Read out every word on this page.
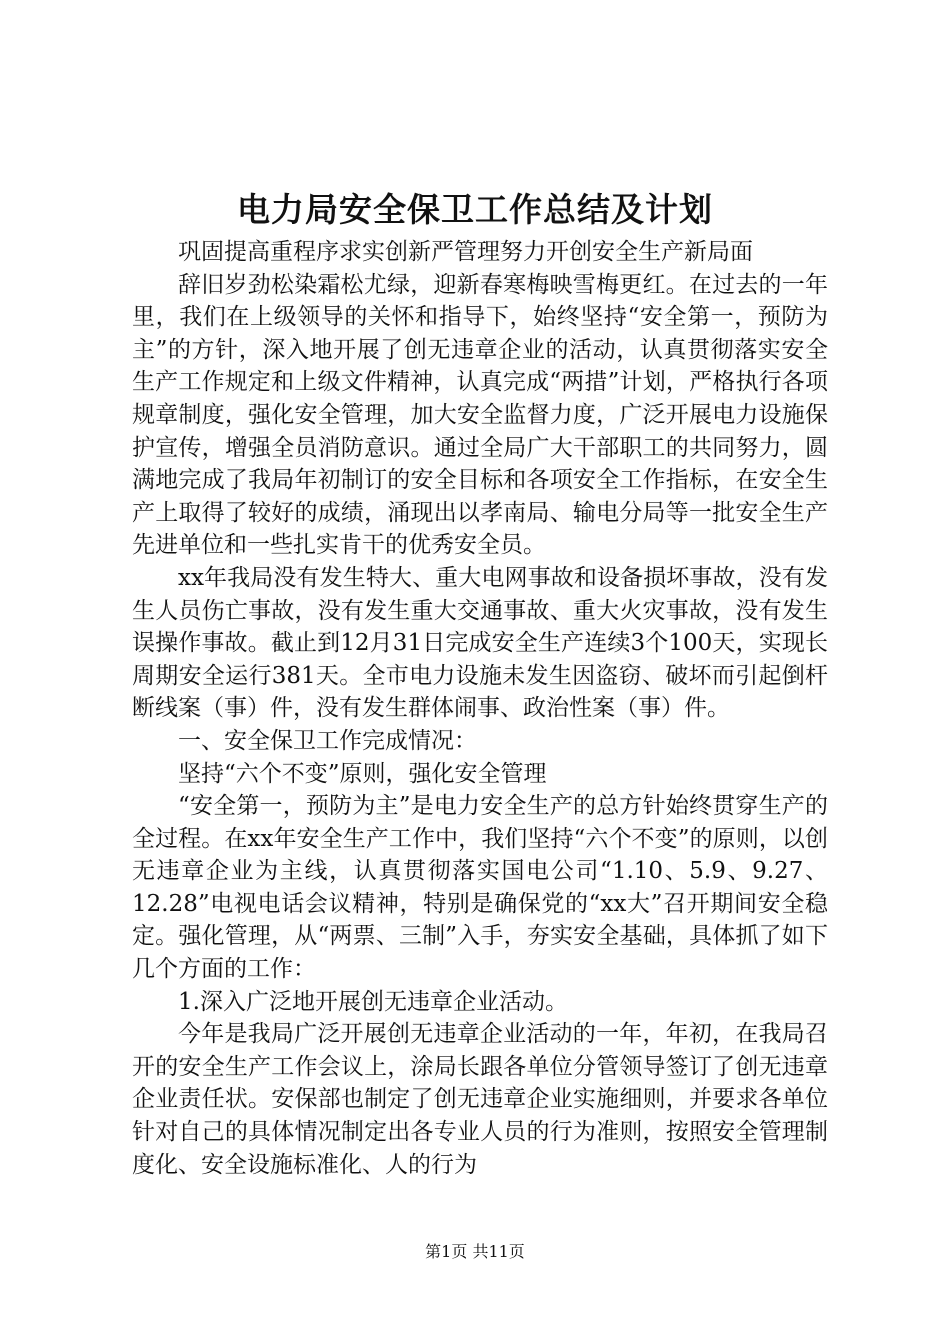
电力局安全保卫工作总结及计划

巩固提高重程序求实创新严管理努力开创安全生产新局面

辞旧岁劲松染霜松尤绿，迎新春寒梅映雪梅更红。在过去的一年里，我们在上级领导的关怀和指导下，始终坚持“安全第一，预防为主”的方针，深入地开展了创无违章企业的活动，认真贯彻落实安全生产工作规定和上级文件精神，认真完成“两措”计划，严格执行各项规章制度，强化安全管理，加大安全监督力度，广泛开展电力设施保护宣传，增强全员消防意识。通过全局广大干部职工的共同努力，圆满地完成了我局年初制订的安全目标和各项安全工作指标，在安全生产上取得了较好的成绩，涌现出以孝南局、输电分局等一批安全生产先进单位和一些扎实肯干的优秀安全员。

xx年我局没有发生特大、重大电网事故和设备损坏事故，没有发生人员伤亡事故，没有发生重大交通事故、重大火灾事故，没有发生误操作事故。截止到12月31日完成安全生产连续3个100天，实现长周期安全运行381天。全市电力设施未发生因盗窃、破坏而引起倒杆断线案（事）件，没有发生群体闹事、政治性案（事）件。

一、安全保卫工作完成情况：

坚持“六个不变”原则，强化安全管理

“安全第一，预防为主”是电力安全生产的总方针始终贯穿生产的全过程。在xx年安全生产工作中，我们坚持“六个不变”的原则，以创无违章企业为主线，认真贯彻落实国电公司“1.10、5.9、9.27、12.28”电视电话会议精神，特别是确保党的“xx大”召开期间安全稳定。强化管理，从“两票、三制”入手，夯实安全基础，具体抓了如下几个方面的工作：

1.深入广泛地开展创无违章企业活动。

今年是我局广泛开展创无违章企业活动的一年，年初，在我局召开的安全生产工作会议上，涂局长跟各单位分管领导签订了创无违章企业责任状。安保部也制定了创无违章企业实施细则，并要求各单位针对自己的具体情况制定出各专业人员的行为准则，按照安全管理制度化、安全设施标准化、人的行为

第1页 共11页
